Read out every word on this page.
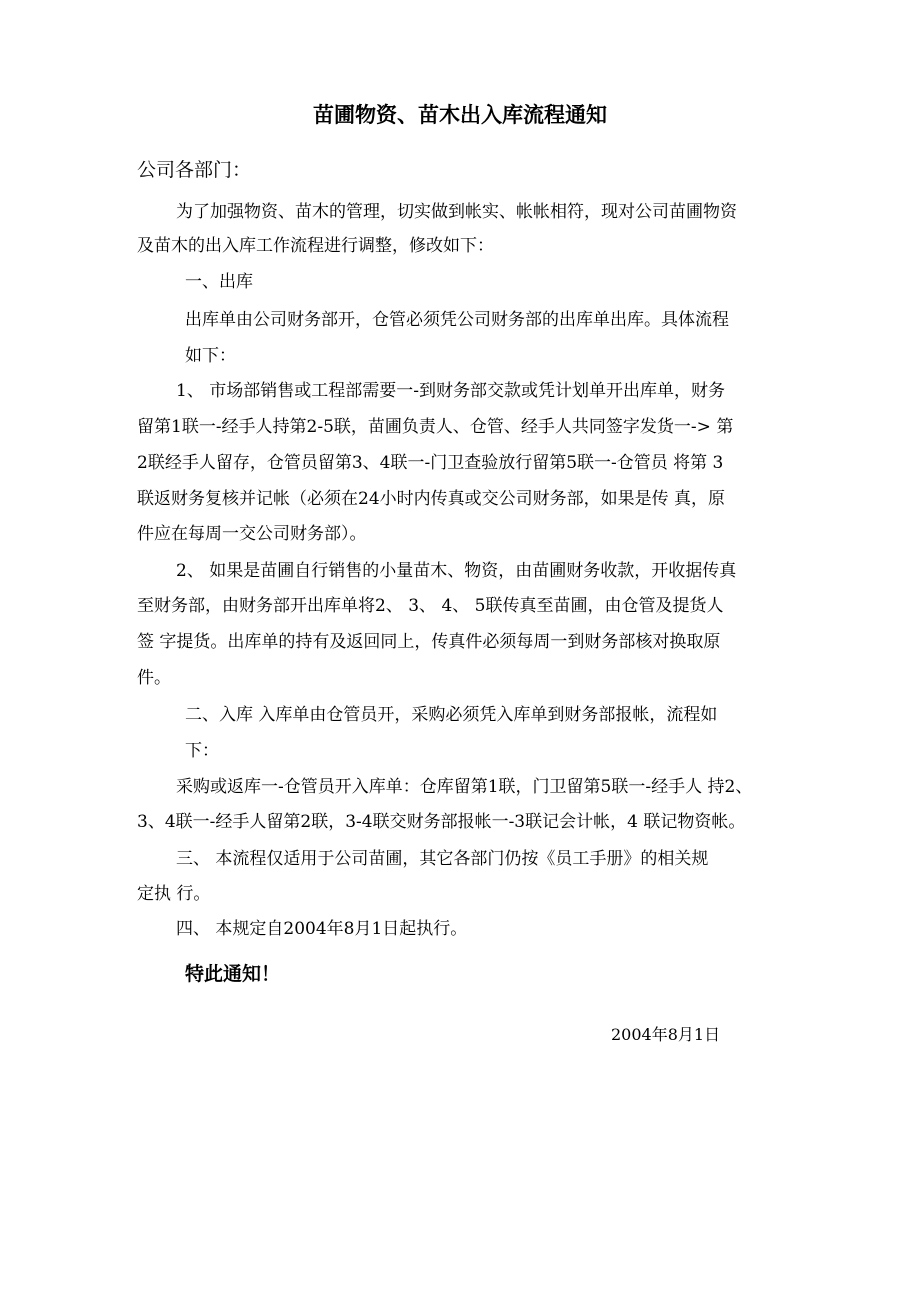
苗圃物资、苗木出入库流程通知
公司各部门：
为了加强物资、苗木的管理，切实做到帐实、帐帐相符，现对公司苗圃物资
及苗木的出入库工作流程进行调整，修改如下：
一、出库
出库单由公司财务部开，仓管必须凭公司财务部的出库单出库。具体流程
如下：
1、 市场部销售或工程部需要一-到财务部交款或凭计划单开出库单，财务
留第1联一-经手人持第2-5联，苗圃负责人、仓管、经手人共同签字发货一-> 第
2联经手人留存，仓管员留第3、4联一-门卫查验放行留第5联一-仓管员 将第 3
联返财务复核并记帐（必须在24小时内传真或交公司财务部，如果是传 真，原
件应在每周一交公司财务部）。
2、 如果是苗圃自行销售的小量苗木、物资，由苗圃财务收款，开收据传真
至财务部，由财务部开出库单将2、 3、 4、 5联传真至苗圃，由仓管及提货人
签 字提货。出库单的持有及返回同上，传真件必须每周一到财务部核对换取原
件。
二、入库 入库单由仓管员开，采购必须凭入库单到财务部报帐，流程如
下：
采购或返库一-仓管员开入库单：仓库留第1联，门卫留第5联一-经手人 持2、
3、4联一-经手人留第2联，3-4联交财务部报帐一-3联记会计帐，4 联记物资帐。
三、 本流程仅适用于公司苗圃，其它各部门仍按《员工手册》的相关规
定执 行。
四、 本规定自2004年8月1日起执行。
特此通知！
2004年8月1日
